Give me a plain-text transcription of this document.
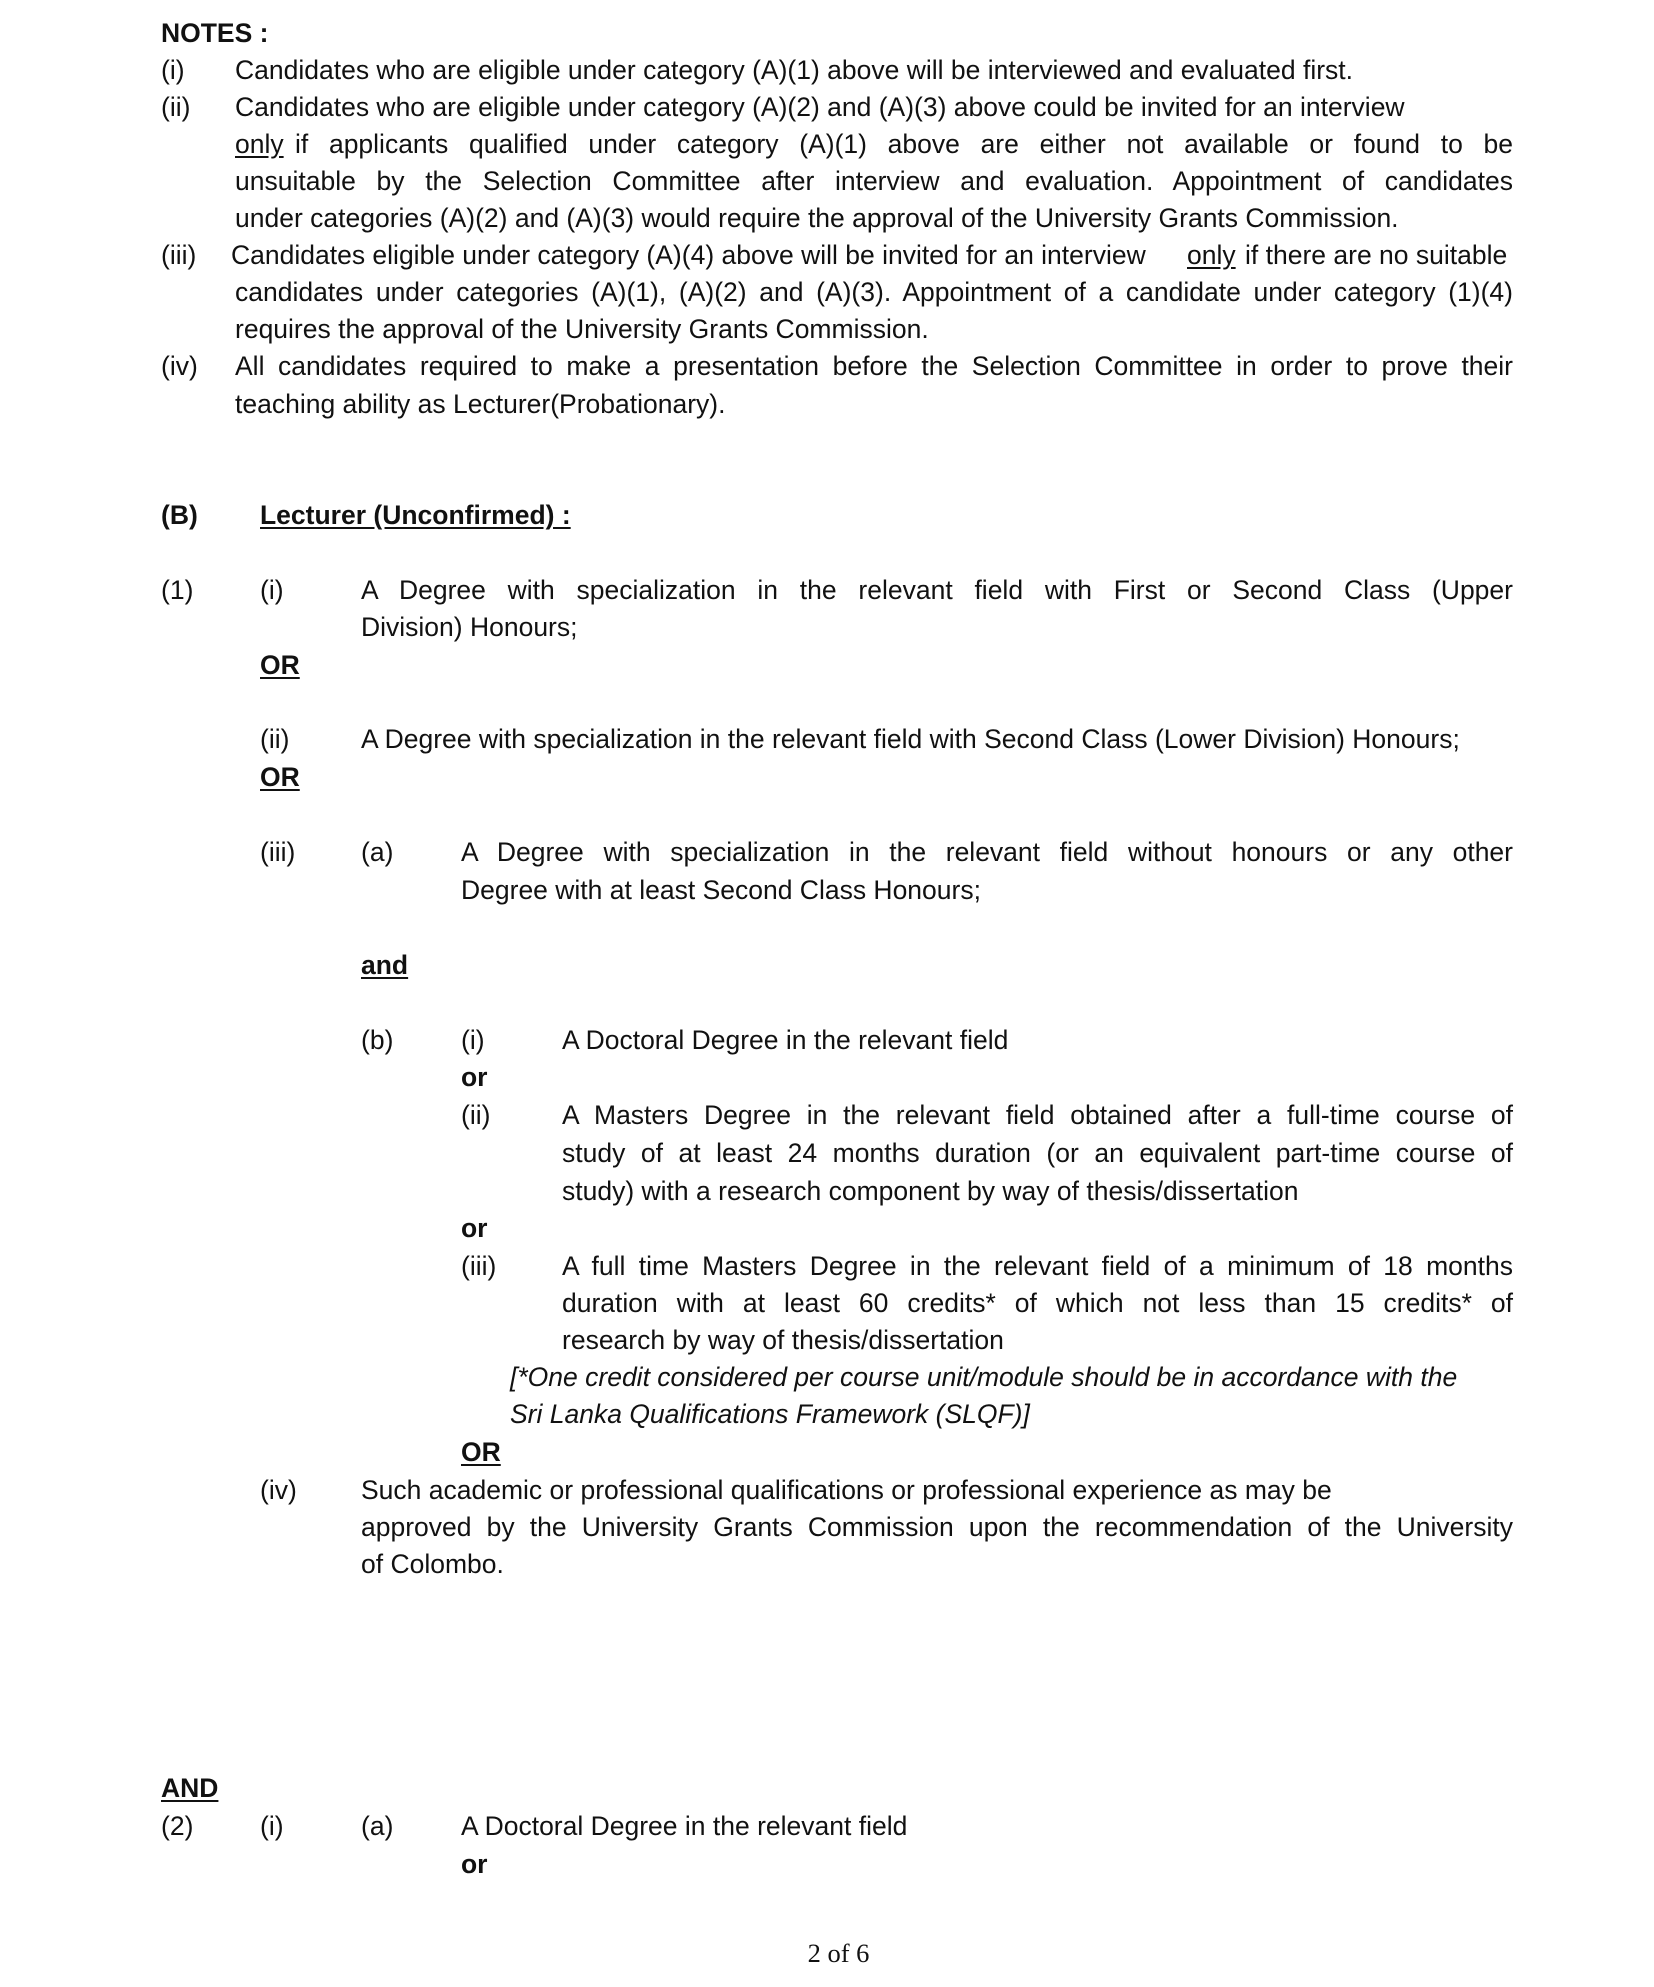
NOTES :
(i) Candidates who are eligible under category (A)(1) above will be interviewed and evaluated first.
(ii) Candidates who are eligible under category (A)(2) and (A)(3) above could be invited for an interview
only if applicants qualified under category (A)(1) above are either not available or found to be
unsuitable by the Selection Committee after interview and evaluation. Appointment of candidates
under categories (A)(2) and (A)(3) would require the approval of the University Grants Commission.
(iii) Candidates eligible under category (A)(4) above will be invited for an interview only if there are no suitable
candidates under categories (A)(1), (A)(2) and (A)(3). Appointment of a candidate under category (1)(4)
requires the approval of the University Grants Commission.
(iv) All candidates required to make a presentation before the Selection Committee in order to prove their
teaching ability as Lecturer(Probationary).
(B) Lecturer (Unconfirmed) :
(1)	(i)	A Degree with specialization in the relevant field with First or Second Class (Upper
Division) Honours;
OR
(ii)	A Degree with specialization in the relevant field with Second Class (Lower Division) Honours;
OR
(iii) (a)	A Degree with specialization in the relevant field without honours or any other
Degree with at least Second Class Honours;
and
(b)	(i)	A Doctoral Degree in the relevant field
or
(ii)	A Masters Degree in the relevant field obtained after a full-time course of
study of at least 24 months duration (or an equivalent part-time course of
study) with a research component by way of thesis/dissertation
or
(iii) A full time Masters Degree in the relevant field of a minimum of 18 months
duration with at least 60 credits* of which not less than 15 credits* of
research by way of thesis/dissertation
[*One credit considered per course unit/module should be in accordance with the
Sri Lanka Qualifications Framework (SLQF)]
OR
(iv) Such academic or professional qualifications or professional experience as may be
approved by the University Grants Commission upon the recommendation of the University
of Colombo.
AND
(2)	(i)	(a)	A Doctoral Degree in the relevant field
or
2 of 6
